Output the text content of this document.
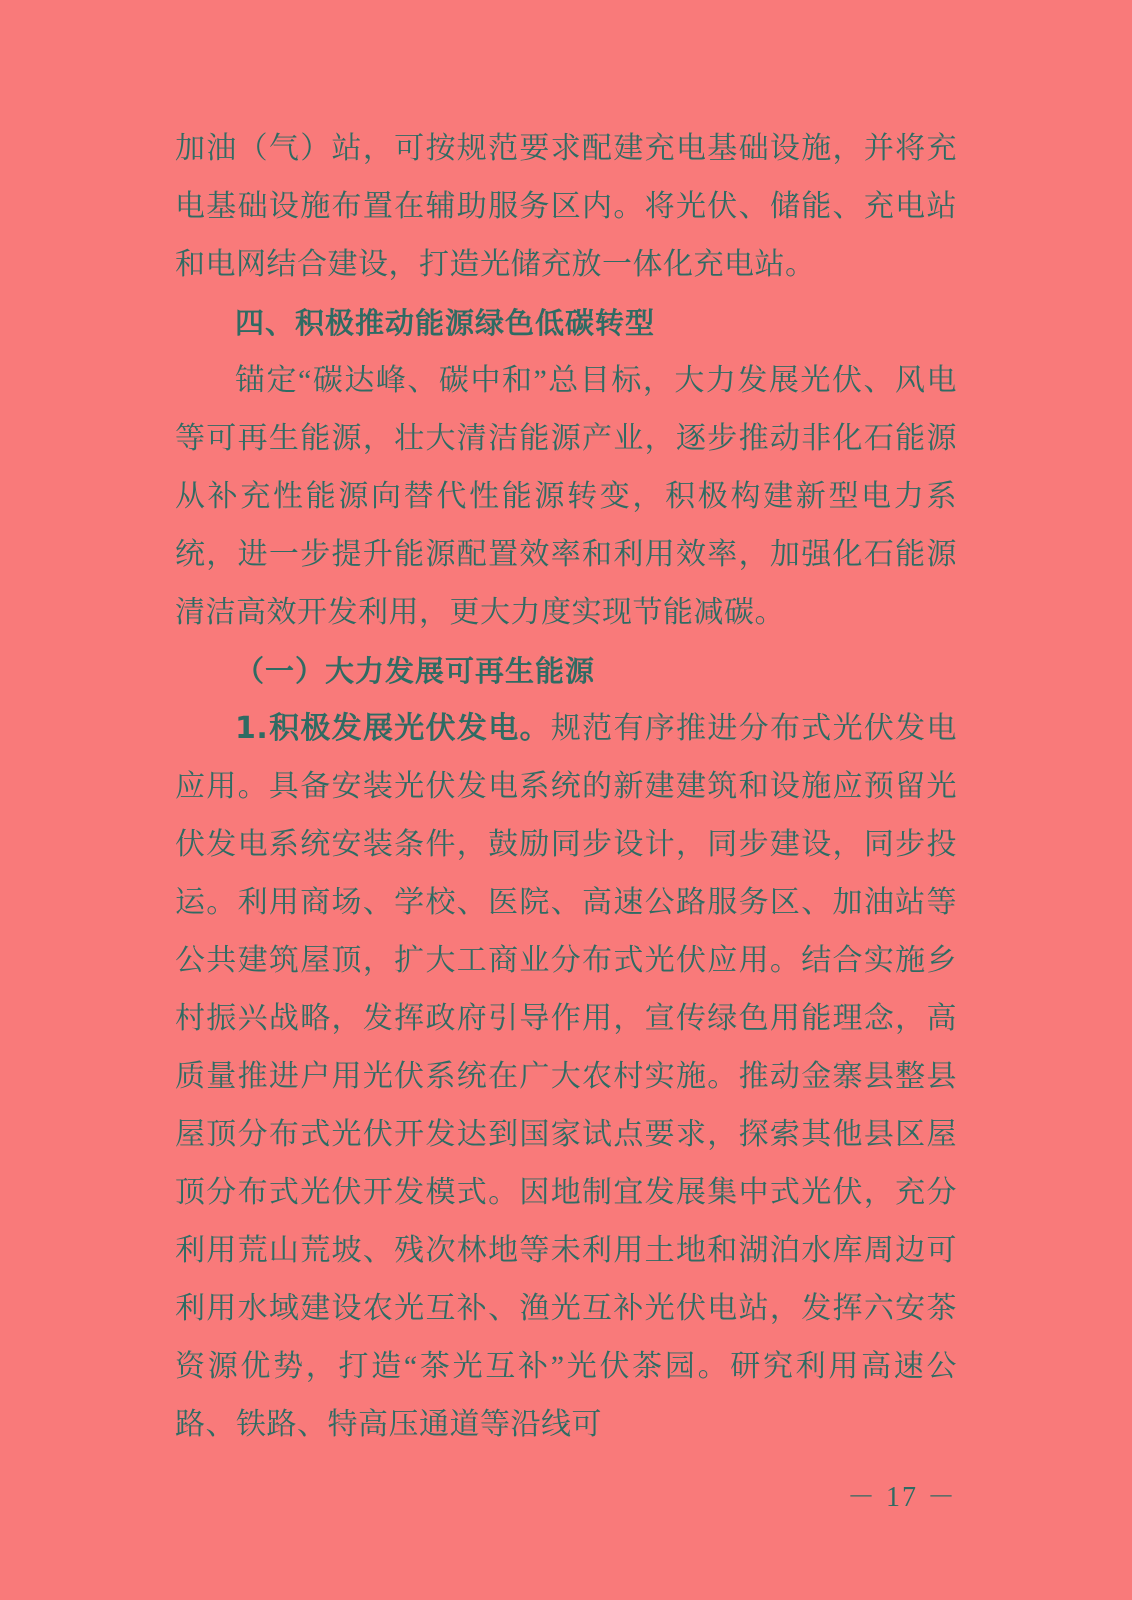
加油（气）站，可按规范要求配建充电基础设施，并将充电基础设施布置在辅助服务区内。将光伏、储能、充电站和电网结合建设，打造光储充放一体化充电站。

四、积极推动能源绿色低碳转型

锚定“碳达峰、碳中和”总目标，大力发展光伏、风电等可再生能源，壮大清洁能源产业，逐步推动非化石能源从补充性能源向替代性能源转变，积极构建新型电力系统，进一步提升能源配置效率和利用效率，加强化石能源清洁高效开发利用，更大力度实现节能减碳。

（一）大力发展可再生能源

1.积极发展光伏发电。规范有序推进分布式光伏发电应用。具备安装光伏发电系统的新建建筑和设施应预留光伏发电系统安装条件，鼓励同步设计，同步建设，同步投运。利用商场、学校、医院、高速公路服务区、加油站等公共建筑屋顶，扩大工商业分布式光伏应用。结合实施乡村振兴战略，发挥政府引导作用，宣传绿色用能理念，高质量推进户用光伏系统在广大农村实施。推动金寨县整县屋顶分布式光伏开发达到国家试点要求，探索其他县区屋顶分布式光伏开发模式。因地制宜发展集中式光伏，充分利用荒山荒坡、残次林地等未利用土地和湖泊水库周边可利用水域建设农光互补、渔光互补光伏电站，发挥六安茶资源优势，打造“茶光互补”光伏茶园。研究利用高速公路、铁路、特高压通道等沿线可

－ 17 －
